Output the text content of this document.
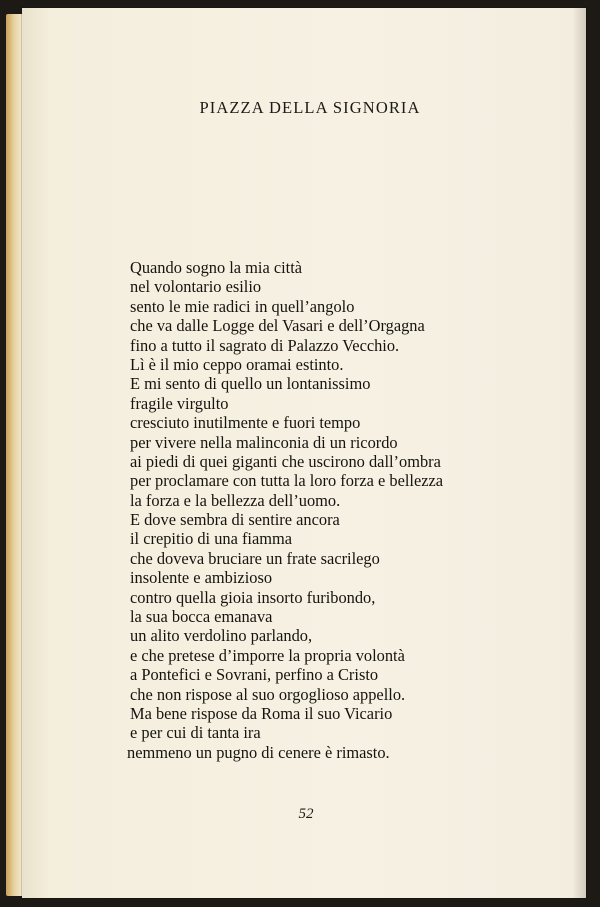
PIAZZA DELLA SIGNORIA
Quando sogno la mia città
nel volontario esilio
sento le mie radici in quell’angolo
che va dalle Logge del Vasari e dell’Orgagna
fino a tutto il sagrato di Palazzo Vecchio.
Lì è il mio ceppo oramai estinto.
E mi sento di quello un lontanissimo
fragile virgulto
cresciuto inutilmente e fuori tempo
per vivere nella malinconia di un ricordo
ai piedi di quei giganti che uscirono dall’ombra
per proclamare con tutta la loro forza e bellezza
la forza e la bellezza dell’uomo.
E dove sembra di sentire ancora
il crepitio di una fiamma
che doveva bruciare un frate sacrilego
insolente e ambizioso
contro quella gioia insorto furibondo,
la sua bocca emanava
un alito verdolino parlando,
e che pretese d’imporre la propria volontà
a Pontefici e Sovrani, perfino a Cristo
che non rispose al suo orgoglioso appello.
Ma bene rispose da Roma il suo Vicario
e per cui di tanta ira
nemmeno un pugno di cenere è rimasto.
52
